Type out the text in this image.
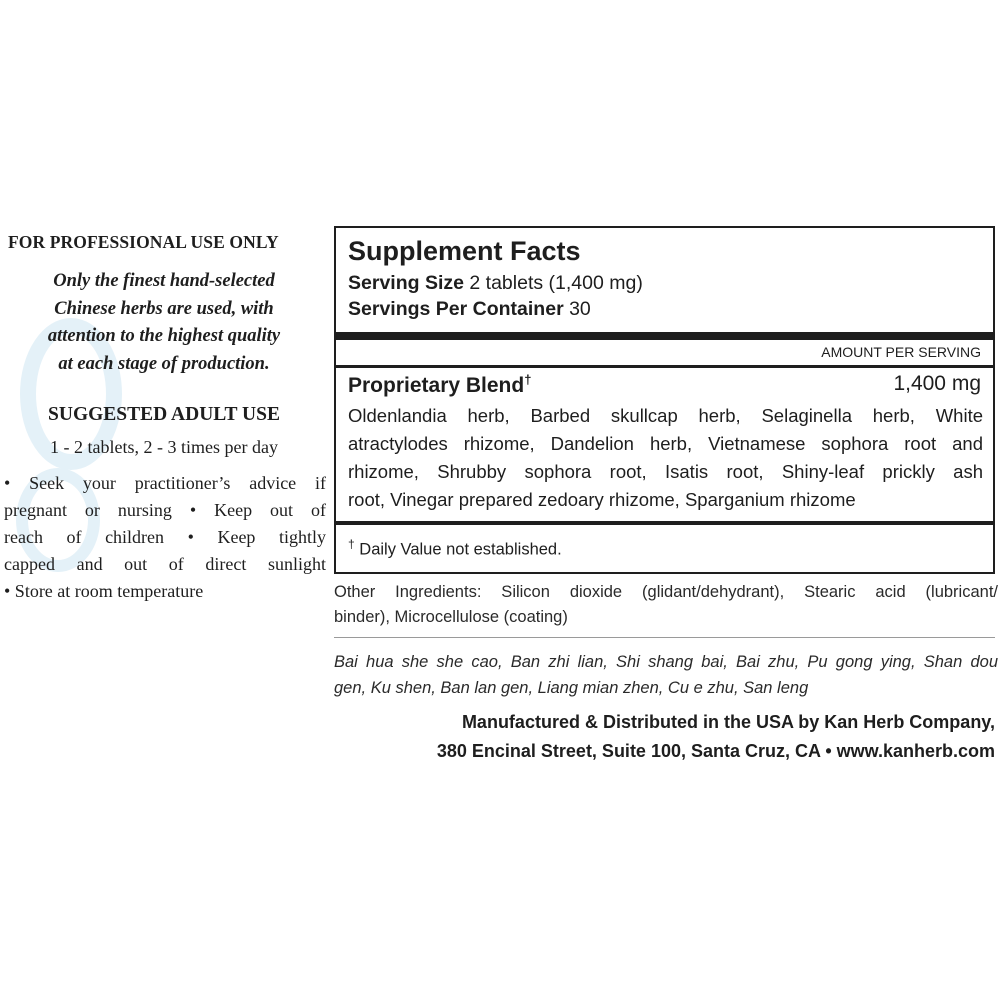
FOR PROFESSIONAL USE ONLY
Only the finest hand-selected
Chinese herbs are used, with
attention to the highest quality
at each stage of production.
SUGGESTED ADULT USE
1 - 2 tablets, 2 - 3 times per day
• Seek your practitioner’s advice if
pregnant or nursing • Keep out of
reach of children • Keep tightly
capped and out of direct sunlight
• Store at room temperature
Supplement Facts
Serving Size 2 tablets (1,400 mg)
Servings Per Container 30
AMOUNT PER SERVING
Proprietary Blend†	1,400 mg
Oldenlandia herb, Barbed skullcap herb, Selaginella herb, White
atractylodes rhizome, Dandelion herb, Vietnamese sophora root and
rhizome, Shrubby sophora root, Isatis root, Shiny-leaf prickly ash
root, Vinegar prepared zedoary rhizome, Sparganium rhizome
† Daily Value not established.
Other Ingredients: Silicon dioxide (glidant/dehydrant), Stearic acid (lubricant/
binder), Microcellulose (coating)
Bai hua she she cao, Ban zhi lian, Shi shang bai, Bai zhu, Pu gong ying, Shan dou
gen, Ku shen, Ban lan gen, Liang mian zhen, Cu e zhu, San leng
Manufactured & Distributed in the USA by Kan Herb Company,
380 Encinal Street, Suite 100, Santa Cruz, CA • www.kanherb.com
